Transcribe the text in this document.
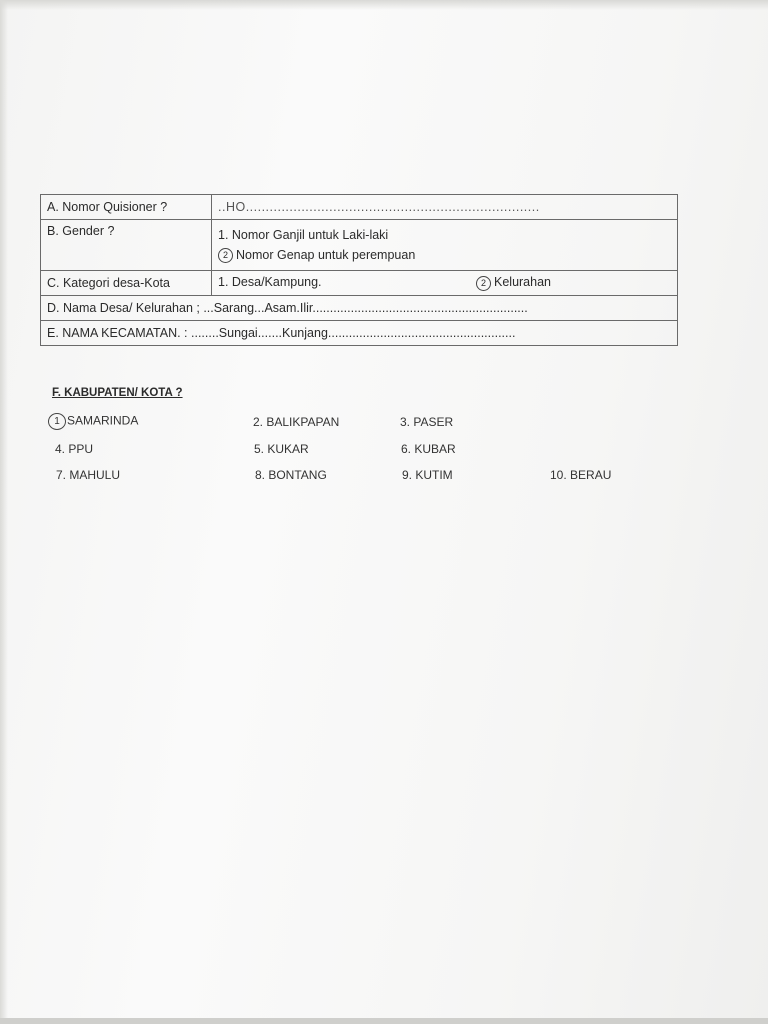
A. Nomor Quisioner ?	..HO..........................................................................
B. Gender ?	1. Nomor Ganjil untuk Laki-laki
2 Nomor Genap untuk perempuan

C. Kategori desa-Kota	1. Desa/Kampung. 2 Kelurahan

D. Nama Desa/ Kelurahan ; ...Sarang...Asam.Ilir..............................................................	
E. NAMA KECAMATAN. : ........Sungai.......Kunjang......................................................	
F. KABUPATEN/ KOTA ?
1 SAMARINDA	2. BALIKPAPAN	3. PASER
4. PPU	5. KUKAR	6. KUBAR
7. MAHULU	8. BONTANG	9. KUTIM	10. BERAU
